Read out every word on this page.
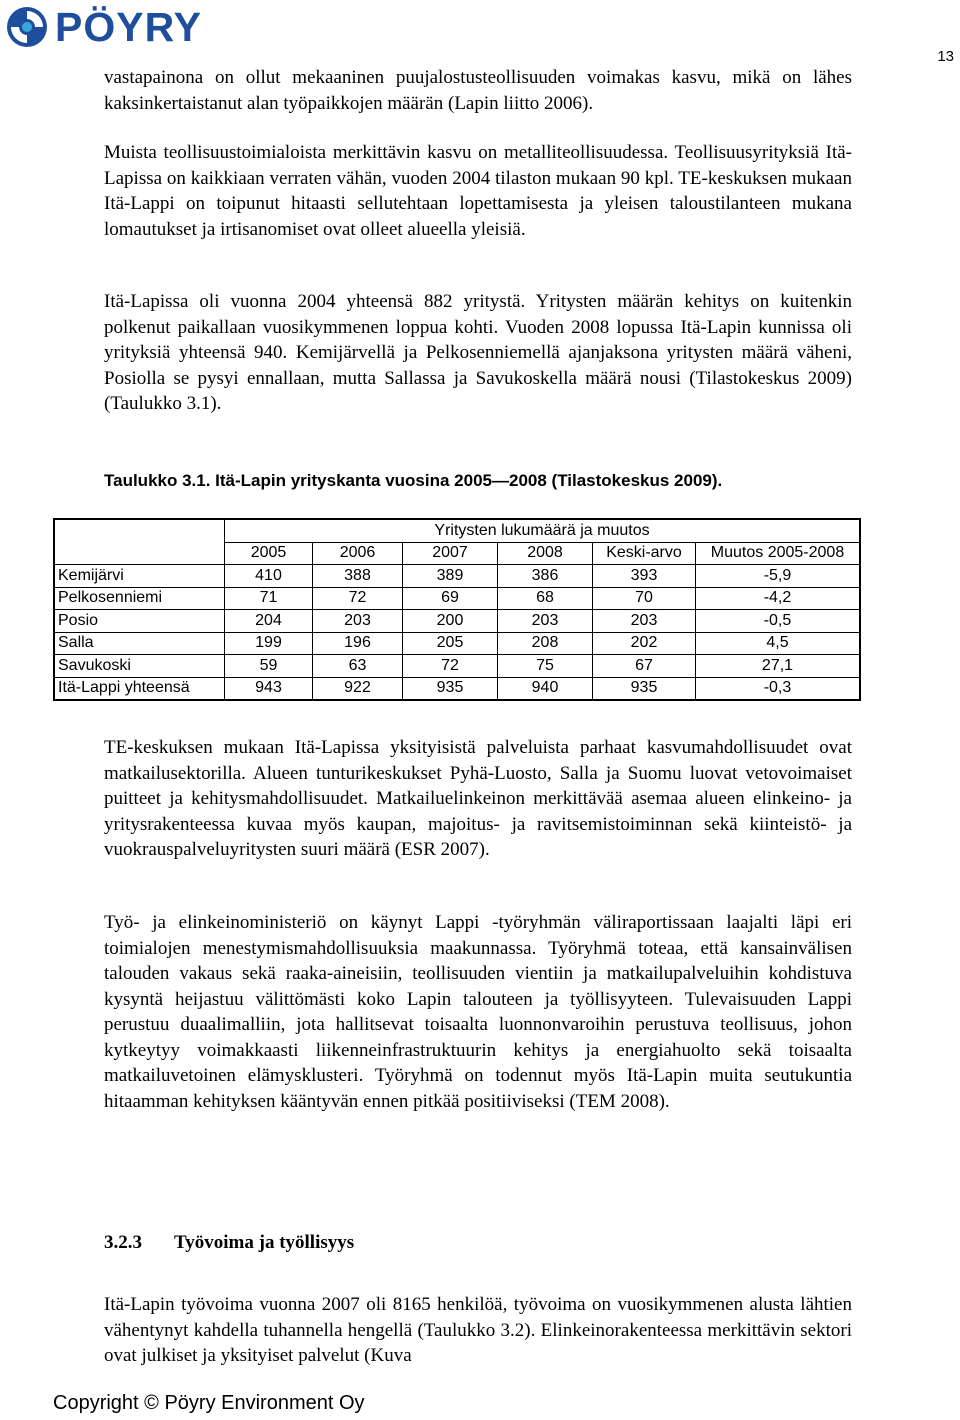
PÖYRY
13

vastapainona on ollut mekaaninen puujalostusteollisuuden voimakas kasvu, mikä on lähes kaksinkertaistanut alan työpaikkojen määrän (Lapin liitto 2006).

Muista teollisuustoimialoista merkittävin kasvu on metalliteollisuudessa. Teollisuusyrityksiä Itä-Lapissa on kaikkiaan verraten vähän, vuoden 2004 tilaston mukaan 90 kpl. TE-keskuksen mukaan Itä-Lappi on toipunut hitaasti sellutehtaan lopettamisesta ja yleisen taloustilanteen mukana lomautukset ja irtisanomiset ovat olleet alueella yleisiä.

Itä-Lapissa oli vuonna 2004 yhteensä 882 yritystä. Yritysten määrän kehitys on kuitenkin polkenut paikallaan vuosikymmenen loppua kohti. Vuoden 2008 lopussa Itä-Lapin kunnissa oli yrityksiä yhteensä 940. Kemijärvellä ja Pelkosenniemellä ajanjaksona yritysten määrä väheni, Posiolla se pysyi ennallaan, mutta Sallassa ja Savukoskella määrä nousi (Tilastokeskus 2009) (Taulukko 3.1).

Taulukko 3.1. Itä-Lapin yrityskanta vuosina 2005—2008 (Tilastokeskus 2009).

	Yritysten lukumäärä ja muutos					
	2005	2006	2007	2008	Keski-arvo	Muutos 2005-2008
Kemijärvi	410	388	389	386	393	-5,9
Pelkosenniemi	71	72	69	68	70	-4,2
Posio	204	203	200	203	203	-0,5
Salla	199	196	205	208	202	4,5
Savukoski	59	63	72	75	67	27,1
Itä-Lappi yhteensä	943	922	935	940	935	-0,3

TE-keskuksen mukaan Itä-Lapissa yksityisistä palveluista parhaat kasvumahdollisuudet ovat matkailusektorilla. Alueen tunturikeskukset Pyhä-Luosto, Salla ja Suomu luovat vetovoimaiset puitteet ja kehitysmahdollisuudet. Matkailuelinkeinon merkittävää asemaa alueen elinkeino- ja yritysrakenteessa kuvaa myös kaupan, majoitus- ja ravitsemistoiminnan sekä kiinteistö- ja vuokrauspalveluyritysten suuri määrä (ESR 2007).

Työ- ja elinkeinoministeriö on käynyt Lappi -työryhmän väliraportissaan laajalti läpi eri toimialojen menestymismahdollisuuksia maakunnassa. Työryhmä toteaa, että kansainvälisen talouden vakaus sekä raaka-aineisiin, teollisuuden vientiin ja matkailupalveluihin kohdistuva kysyntä heijastuu välittömästi koko Lapin talouteen ja työllisyyteen. Tulevaisuuden Lappi perustuu duaalimalliin, jota hallitsevat toisaalta luonnonvaroihin perustuva teollisuus, johon kytkeytyy voimakkaasti liikenneinfrastruktuurin kehitys ja energiahuolto sekä toisaalta matkailuvetoinen elämysklusteri. Työryhmä on todennut myös Itä-Lapin muita seutukuntia hitaamman kehityksen kääntyvän ennen pitkää positiiviseksi (TEM 2008).

3.2.3 Työvoima ja työllisyys

Itä-Lapin työvoima vuonna 2007 oli 8165 henkilöä, työvoima on vuosikymmenen alusta lähtien vähentynyt kahdella tuhannella hengellä (Taulukko 3.2). Elinkeinorakenteessa merkittävin sektori ovat julkiset ja yksityiset palvelut (Kuva

Copyright © Pöyry Environment Oy
